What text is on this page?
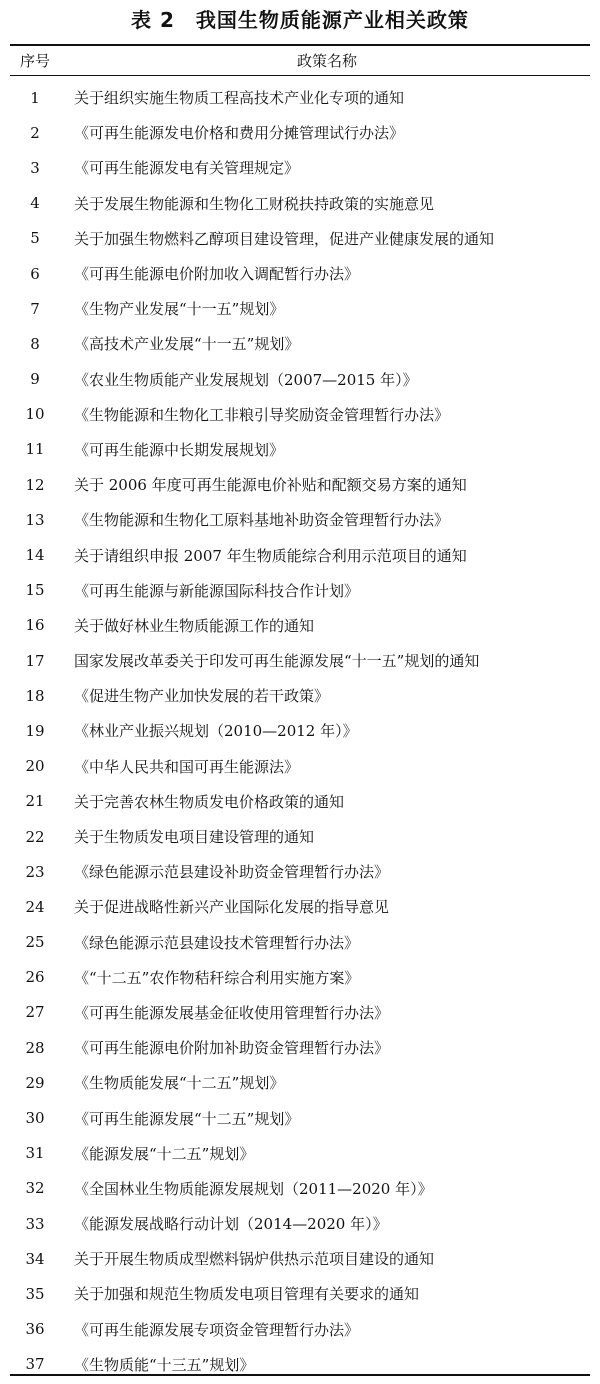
表 2　我国生物质能源产业相关政策
序号	政策名称
1	关于组织实施生物质工程高技术产业化专项的通知
2	《可再生能源发电价格和费用分摊管理试行办法》
3	《可再生能源发电有关管理规定》
4	关于发展生物能源和生物化工财税扶持政策的实施意见
5	关于加强生物燃料乙醇项目建设管理，促进产业健康发展的通知
6	《可再生能源电价附加收入调配暂行办法》
7	《生物产业发展“十一五”规划》
8	《高技术产业发展“十一五”规划》
9	《农业生物质能产业发展规划（2007—2015 年）》
10	《生物能源和生物化工非粮引导奖励资金管理暂行办法》
11	《可再生能源中长期发展规划》
12	关于 2006 年度可再生能源电价补贴和配额交易方案的通知
13	《生物能源和生物化工原料基地补助资金管理暂行办法》
14	关于请组织申报 2007 年生物质能综合利用示范项目的通知
15	《可再生能源与新能源国际科技合作计划》
16	关于做好林业生物质能源工作的通知
17	国家发展改革委关于印发可再生能源发展“十一五”规划的通知
18	《促进生物产业加快发展的若干政策》
19	《林业产业振兴规划（2010—2012 年）》
20	《中华人民共和国可再生能源法》
21	关于完善农林生物质发电价格政策的通知
22	关于生物质发电项目建设管理的通知
23	《绿色能源示范县建设补助资金管理暂行办法》
24	关于促进战略性新兴产业国际化发展的指导意见
25	《绿色能源示范县建设技术管理暂行办法》
26	《“十二五”农作物秸秆综合利用实施方案》
27	《可再生能源发展基金征收使用管理暂行办法》
28	《可再生能源电价附加补助资金管理暂行办法》
29	《生物质能发展“十二五”规划》
30	《可再生能源发展“十二五”规划》
31	《能源发展“十二五”规划》
32	《全国林业生物质能源发展规划（2011—2020 年）》
33	《能源发展战略行动计划（2014—2020 年）》
34	关于开展生物质成型燃料锅炉供热示范项目建设的通知
35	关于加强和规范生物质发电项目管理有关要求的通知
36	《可再生能源发展专项资金管理暂行办法》
37	《生物质能“十三五”规划》
